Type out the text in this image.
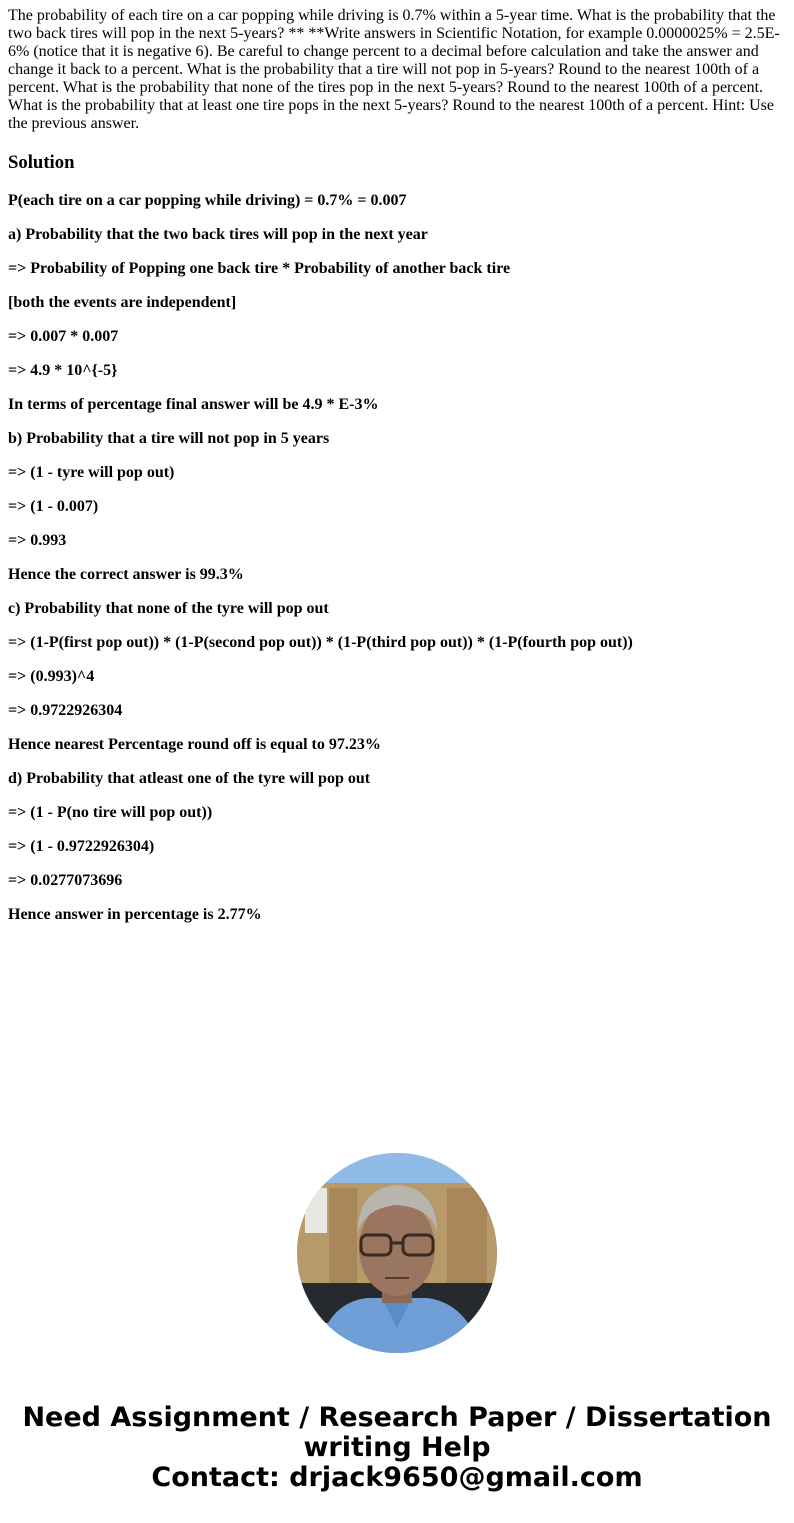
The probability of each tire on a car popping while driving is 0.7% within a 5-year time. What is the probability that the two back tires will pop in the next 5-years? ** **Write answers in Scientific Notation, for example 0.0000025% = 2.5E-6% (notice that it is negative 6). Be careful to change percent to a decimal before calculation and take the answer and change it back to a percent. What is the probability that a tire will not pop in 5-years? Round to the nearest 100th of a percent. What is the probability that none of the tires pop in the next 5-years? Round to the nearest 100th of a percent. What is the probability that at least one tire pops in the next 5-years? Round to the nearest 100th of a percent. Hint: Use the previous answer.

Solution

P(each tire on a car popping while driving) = 0.7% = 0.007

a) Probability that the two back tires will pop in the next year

=> Probability of Popping one back tire * Probability of another back tire

[both the events are independent]

=> 0.007 * 0.007

=> 4.9 * 10^{-5}

In terms of percentage final answer will be 4.9 * E-3%

b) Probability that a tire will not pop in 5 years

=> (1 - tyre will pop out)

=> (1 - 0.007)

=> 0.993

Hence the correct answer is 99.3%

c) Probability that none of the tyre will pop out

=> (1-P(first pop out)) * (1-P(second pop out)) * (1-P(third pop out)) * (1-P(fourth pop out))

=> (0.993)^4

=> 0.9722926304

Hence nearest Percentage round off is equal to 97.23%

d) Probability that atleast one of the tyre will pop out

=> (1 - P(no tire will pop out))

=> (1 - 0.9722926304)

=> 0.0277073696

Hence answer in percentage is 2.77%

Need Assignment / Research Paper / Dissertation
writing Help
Contact: drjack9650@gmail.com
